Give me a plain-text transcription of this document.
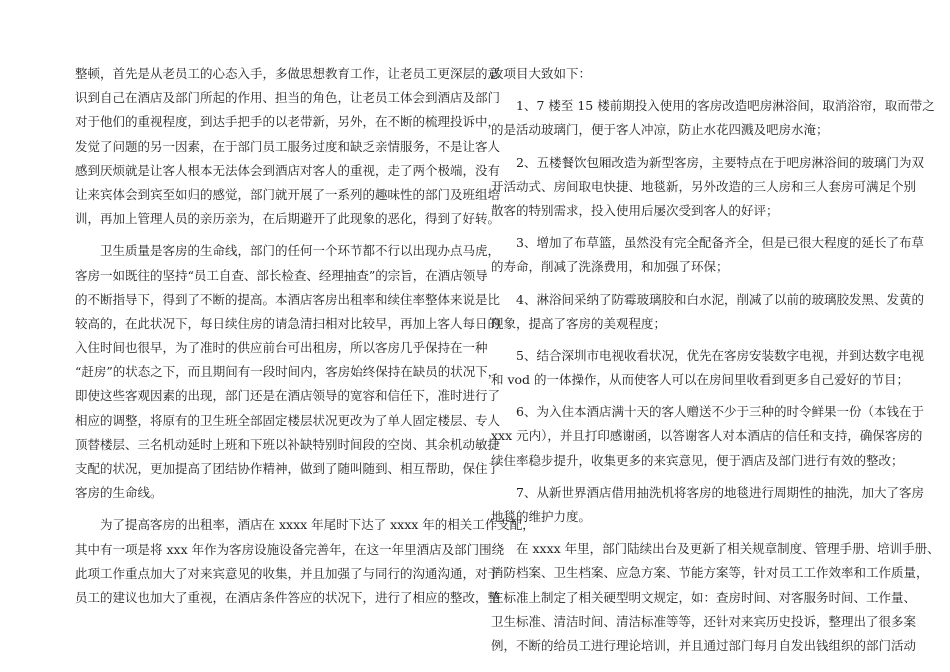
整顿，首先是从老员工的心态入手，多做思想教育工作，让老员工更深层的意
识到自己在酒店及部门所起的作用、担当的角色，让老员工体会到酒店及部门
对于他们的重视程度，到达手把手的以老带新，另外，在不断的梳理投诉中，
发觉了问题的另一因素，在于部门员工服务过度和缺乏亲情服务，不是让客人
感到厌烦就是让客人根本无法体会到酒店对客人的重视，走了两个极端，没有
让来宾体会到宾至如归的感觉，部门就开展了一系列的趣味性的部门及班组培
训，再加上管理人员的亲历亲为，在后期避开了此现象的恶化，得到了好转。
　　卫生质量是客房的生命线，部门的任何一个环节都不行以出现办点马虎，
客房一如既往的坚持“员工自查、部长检查、经理抽查”的宗旨，在酒店领导
的不断指导下，得到了不断的提高。本酒店客房出租率和续住率整体来说是比
较高的，在此状况下，每日续住房的请急清扫相对比较早，再加上客人每日的
入住时间也很早，为了准时的供应前台可出租房，所以客房几乎保持在一种
“赶房”的状态之下，而且期间有一段时间内，客房始终保持在缺员的状况下，
即使这些客观因素的出现，部门还是在酒店领导的宽容和信任下，准时进行了
相应的调整，将原有的卫生班全部固定楼层状况更改为了单人固定楼层、专人
顶替楼层、三名机动延时上班和下班以补缺特别时间段的空岗、其余机动敏捷
支配的状况，更加提高了团结协作精神，做到了随叫随到、相互帮助，保住了
客房的生命线。
　　为了提高客房的出租率，酒店在 xxxx 年尾时下达了 xxxx 年的相关工作支配，
其中有一项是将 xxx 年作为客房设施设备完善年，在这一年里酒店及部门围绕
此项工作重点加大了对来宾意见的收集，并且加强了与同行的沟通沟通，对于
员工的建议也加大了重视，在酒店条件答应的状况下，进行了相应的整改，整
改项目大致如下：
　　1、7 楼至 15 楼前期投入使用的客房改造吧房淋浴间，取消浴帘，取而带之
的是活动玻璃门，便于客人冲凉，防止水花四溅及吧房水淹；
　　2、五楼餐饮包厢改造为新型客房，主要特点在于吧房淋浴间的玻璃门为双
开活动式、房间取电快捷、地毯新，另外改造的三人房和三人套房可满足个别
散客的特别需求，投入使用后屡次受到客人的好评；
　　3、增加了布草篮，虽然没有完全配备齐全，但是已很大程度的延长了布草
的寿命，削减了洗涤费用，和加强了环保；
　　4、淋浴间采纳了防霉玻璃胶和白水泥，削减了以前的玻璃胶发黑、发黄的
现象，提高了客房的美观程度；
　　5、结合深圳市电视收看状况，优先在客房安装数字电视，并到达数字电视
和 vod 的一体操作，从而使客人可以在房间里收看到更多自己爱好的节目；
　　6、为入住本酒店满十天的客人赠送不少于三种的时令鲜果一份（本钱在于
xxx 元内），并且打印感谢函，以答谢客人对本酒店的信任和支持，确保客房的
续住率稳步提升，收集更多的来宾意见，便于酒店及部门进行有效的整改；
　　7、从新世界酒店借用抽洗机将客房的地毯进行周期性的抽洗，加大了客房
地毯的维护力度。
　　在 xxxx 年里，部门陆续出台及更新了相关规章制度、管理手册、培训手册、
消防档案、卫生档案、应急方案、节能方案等，针对员工工作效率和工作质量，
在标准上制定了相关硬型明文规定，如：查房时间、对客服务时间、工作量、
卫生标准、清洁时间、清洁标准等等，还针对来宾历史投诉，整理出了很多案
例，不断的给员工进行理论培训，并且通过部门每月自发出钱组织的部门活动
